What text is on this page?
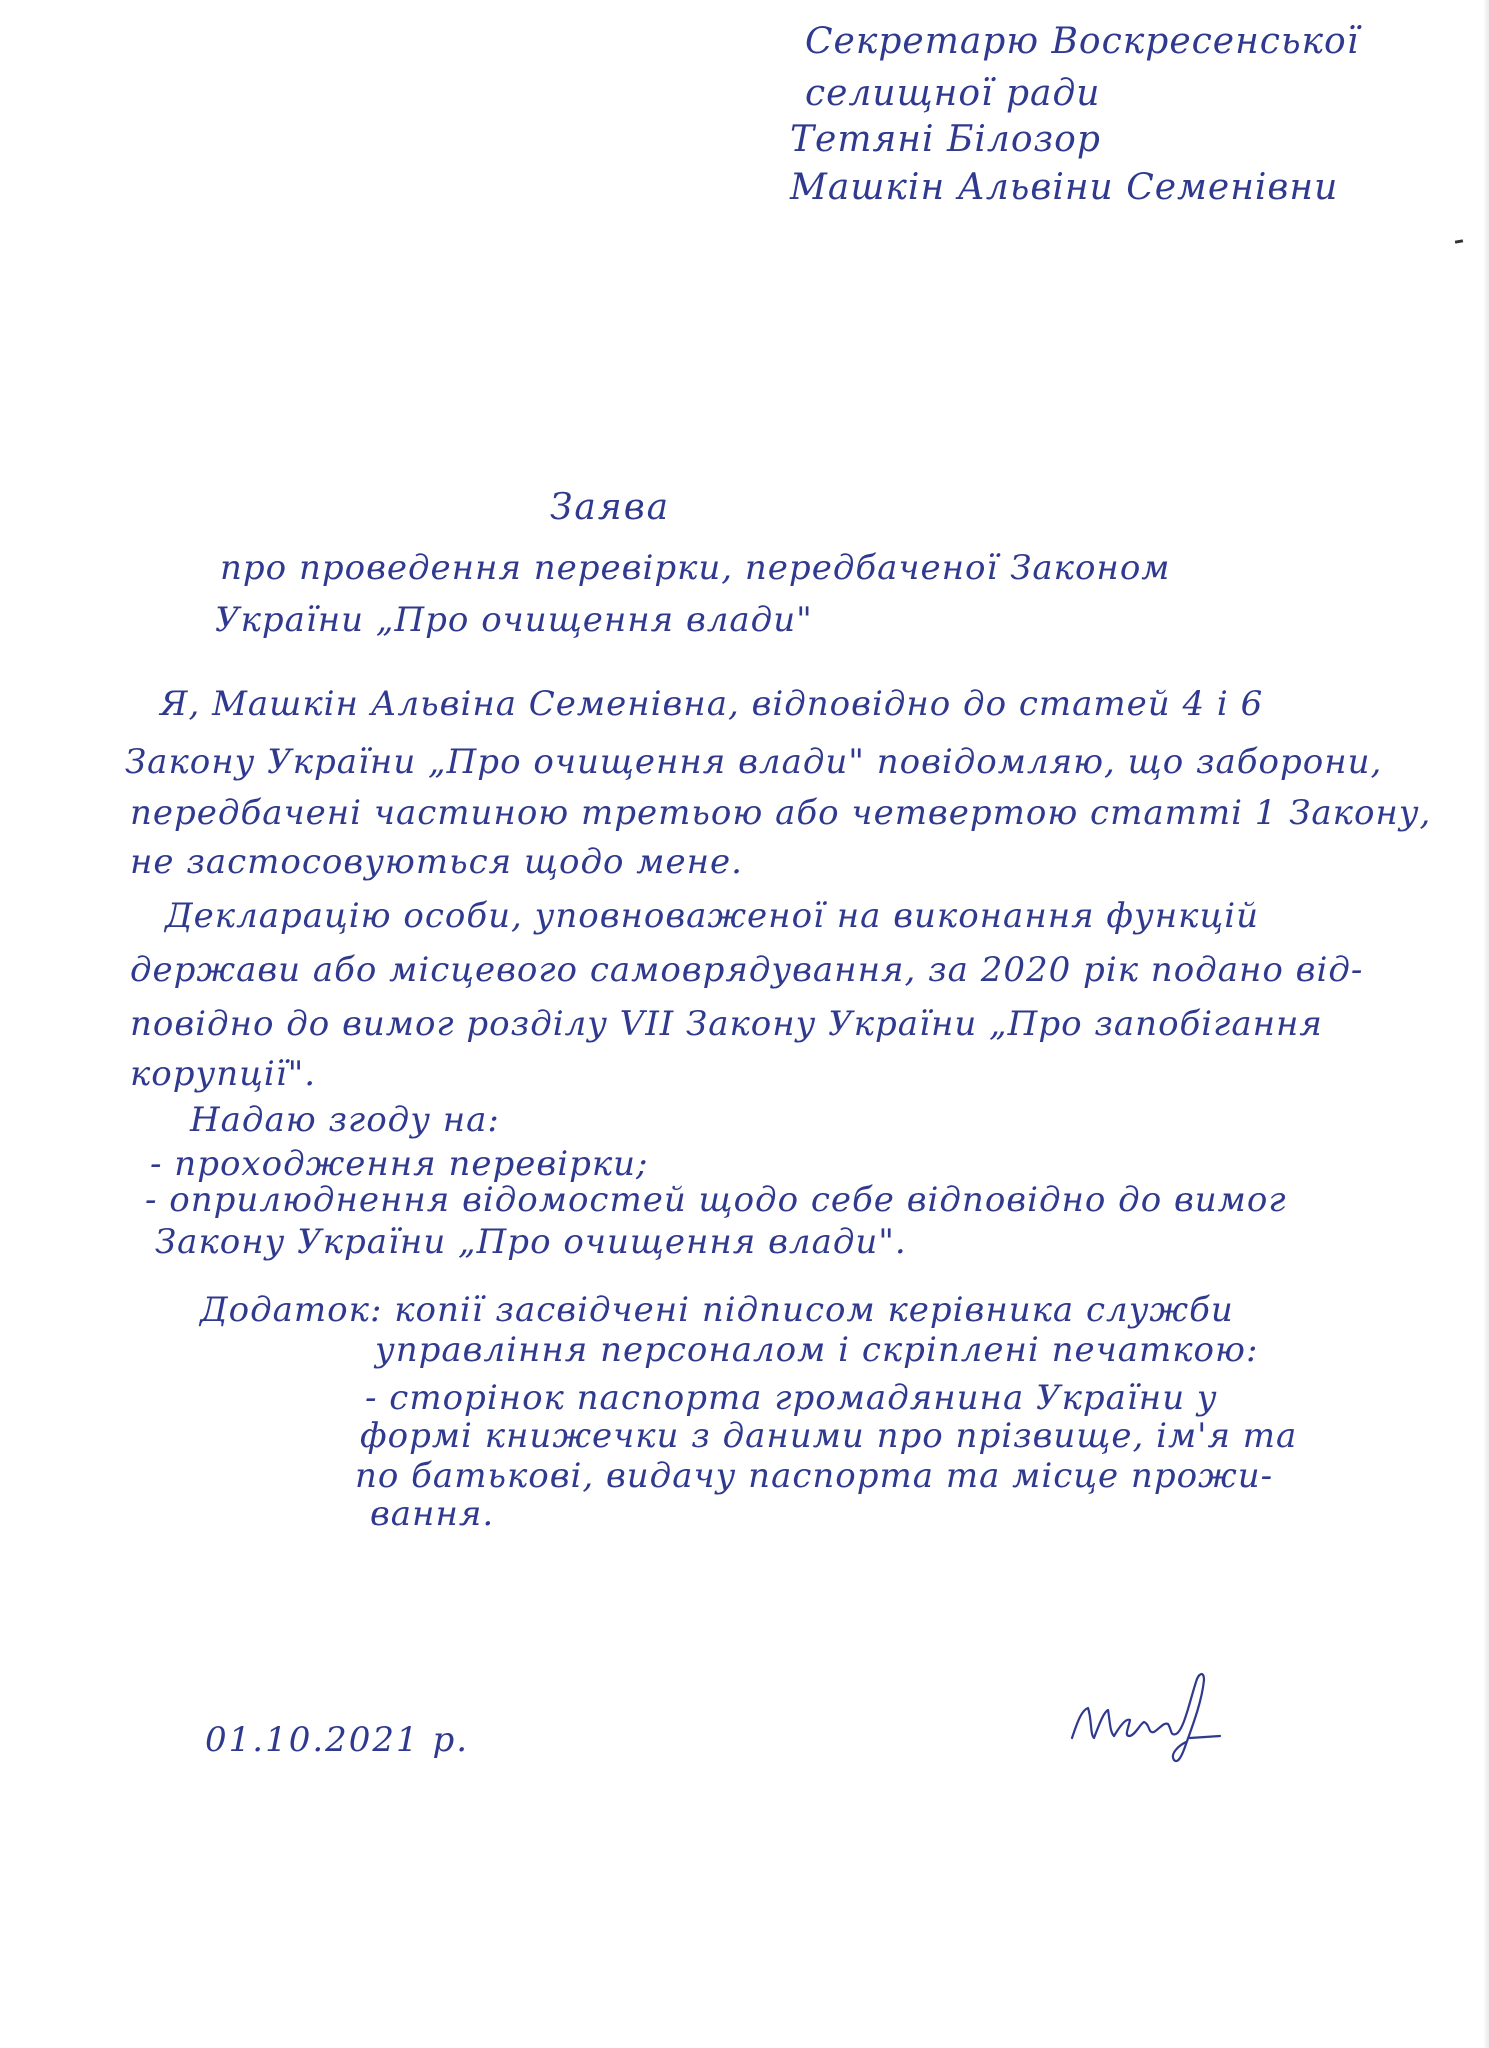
Секретарю Воскресенської
селищної ради
Тетяні Білозор
Машкін Альвіни Семенівни
Заява
про проведення перевірки, передбаченої Законом
України „Про очищення влади"
Я, Машкін Альвіна Семенівна, відповідно до статей 4 і 6
Закону України „Про очищення влади" повідомляю, що заборони,
передбачені частиною третьою або четвертою статті 1 Закону,
не застосовуються щодо мене.
Декларацію особи, уповноваженої на виконання функцій
держави або місцевого самоврядування, за 2020 рік подано від-
повідно до вимог розділу VII Закону України „Про запобігання
корупції".
Надаю згоду на:
- проходження перевірки;
- оприлюднення відомостей щодо себе відповідно до вимог
Закону України „Про очищення влади".
Додаток: копії засвідчені підписом керівника служби
управління персоналом і скріплені печаткою:
- сторінок паспорта громадянина України у
формі книжечки з даними про прізвище, ім'я та
по батькові, видачу паспорта та місце прожи-
вання.
01.10.2021 р.
